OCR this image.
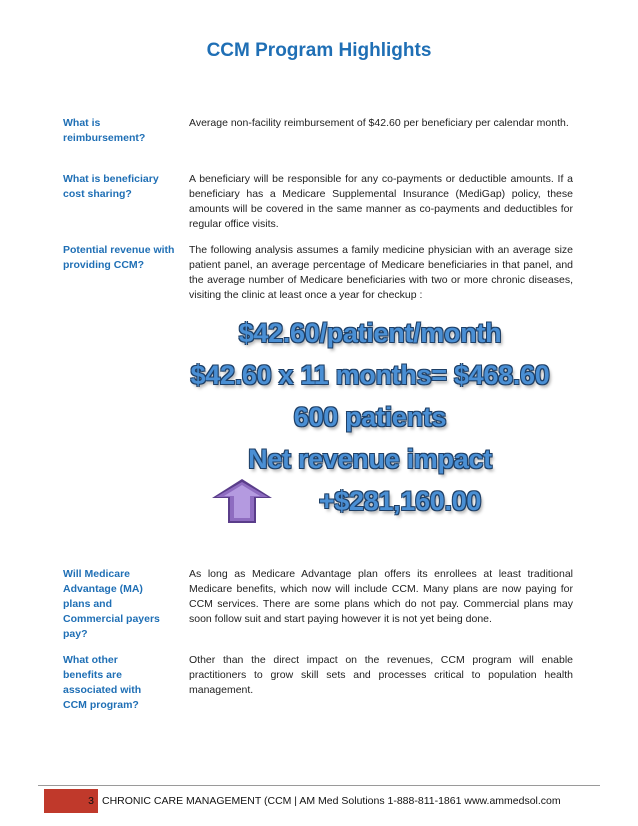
CCM Program Highlights
What is reimbursement?
Average non-facility reimbursement of $42.60 per beneficiary per calendar month.
What is beneficiary cost sharing?
A beneficiary will be responsible for any co-payments or deductible amounts. If a beneficiary has a Medicare Supplemental Insurance (MediGap) policy, these amounts will be covered in the same manner as co-payments and deductibles for regular office visits.
Potential revenue with providing CCM?
The following analysis assumes a family medicine physician with an average size patient panel, an average percentage of Medicare beneficiaries in that panel, and the average number of Medicare beneficiaries with two or more chronic diseases, visiting the clinic at least once a year for checkup :
$42.60/patient/month
$42.60 x 11 months= $468.60
600 patients
Net revenue impact
+$281,160.00
Will Medicare Advantage (MA) plans and Commercial payers pay?
As long as Medicare Advantage plan offers its enrollees at least traditional Medicare benefits, which now will include CCM. Many plans are now paying for CCM services. There are some plans which do not pay. Commercial plans may soon follow suit and start paying however it is not yet being done.
What other benefits are associated with CCM program?
Other than the direct impact on the revenues, CCM program will enable practitioners to grow skill sets and processes critical to population health management.
3 CHRONIC CARE MANAGEMENT (CCM | AM Med Solutions 1-888-811-1861 www.ammedsol.com
